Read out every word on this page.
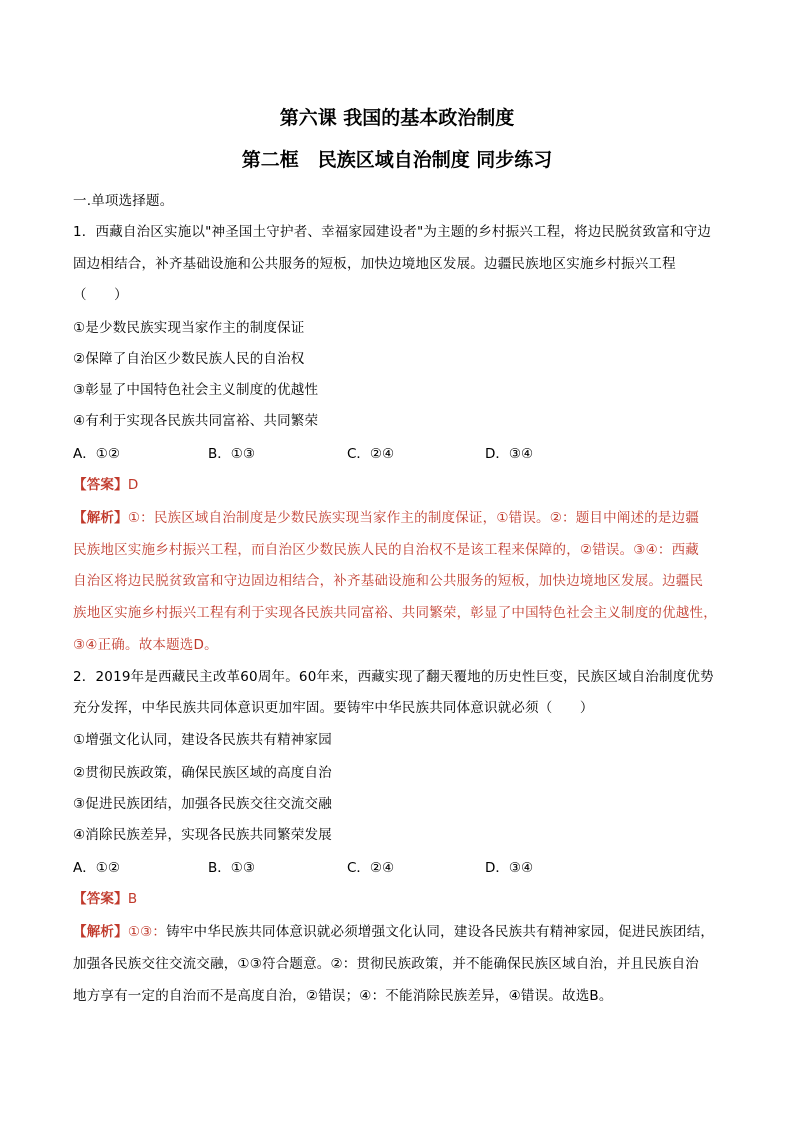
第六课 我国的基本政治制度
第二框　民族区域自治制度 同步练习
一.单项选择题。
1．西藏自治区实施以"神圣国土守护者、幸福家园建设者"为主题的乡村振兴工程，将边民脱贫致富和守边
固边相结合，补齐基础设施和公共服务的短板，加快边境地区发展。边疆民族地区实施乡村振兴工程
（　　）
①是少数民族实现当家作主的制度保证
②保障了自治区少数民族人民的自治权
③彰显了中国特色社会主义制度的优越性
④有利于实现各民族共同富裕、共同繁荣
A．①②	B．①③	C．②④	D．③④
【答案】D
【解析】①：民族区域自治制度是少数民族实现当家作主的制度保证，①错误。②：题目中阐述的是边疆
民族地区实施乡村振兴工程，而自治区少数民族人民的自治权不是该工程来保障的，②错误。③④：西藏
自治区将边民脱贫致富和守边固边相结合，补齐基础设施和公共服务的短板，加快边境地区发展。边疆民
族地区实施乡村振兴工程有利于实现各民族共同富裕、共同繁荣，彰显了中国特色社会主义制度的优越性，
③④正确。故本题选D。
2．2019年是西藏民主改革60周年。60年来，西藏实现了翻天覆地的历史性巨变，民族区域自治制度优势
充分发挥，中华民族共同体意识更加牢固。要铸牢中华民族共同体意识就必须（　　）
①增强文化认同，建设各民族共有精神家园
②贯彻民族政策，确保民族区域的高度自治
③促进民族团结，加强各民族交往交流交融
④消除民族差异，实现各民族共同繁荣发展
A．①②	B．①③	C．②④	D．③④
【答案】B
【解析】①③：铸牢中华民族共同体意识就必须增强文化认同，建设各民族共有精神家园，促进民族团结，
加强各民族交往交流交融，①③符合题意。②：贯彻民族政策，并不能确保民族区域自治，并且民族自治
地方享有一定的自治而不是高度自治，②错误；④：不能消除民族差异，④错误。故选B。
